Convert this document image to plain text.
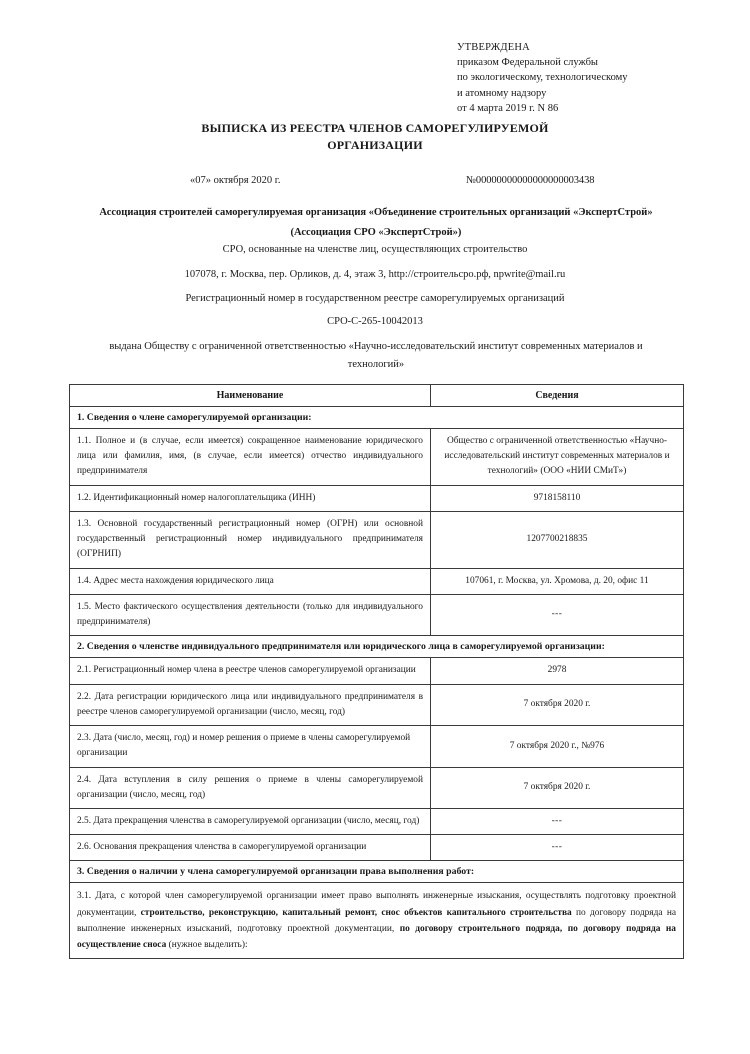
УТВЕРЖДЕНА
приказом Федеральной службы
по экологическому, технологическому
и атомному надзору
от 4 марта 2019 г. N 86
ВЫПИСКА ИЗ РЕЕСТРА ЧЛЕНОВ САМОРЕГУЛИРУЕМОЙ
ОРГАНИЗАЦИИ
«07» октября 2020 г.	№00000000000000000003438
Ассоциация строителей саморегулируемая организация «Объединение строительных организаций «ЭкспертСтрой»
(Ассоциация СРО «ЭкспертСтрой»)
СРО, основанные на членстве лиц, осуществляющих строительство
107078, г. Москва, пер. Орликов, д. 4, этаж 3, http://строительсро.рф, npwrite@mail.ru
Регистрационный номер в государственном реестре саморегулируемых организаций
СРО-С-265-10042013
выдана Обществу с ограниченной ответственностью «Научно-исследовательский институт современных материалов и технологий»
Наименование	Сведения
1. Сведения о члене саморегулируемой организации:	
1.1. Полное и (в случае, если имеется) сокращенное наименование юридического лица или фамилия, имя, (в случае, если имеется) отчество индивидуального предпринимателя	Общество с ограниченной ответственностью «Научно-исследовательский институт современных материалов и технологий» (ООО «НИИ СМиТ»)
1.2. Идентификационный номер налогоплательщика (ИНН)	9718158110
1.3. Основной государственный регистрационный номер (ОГРН) или основной государственный регистрационный номер индивидуального предпринимателя (ОГРНИП)	1207700218835
1.4. Адрес места нахождения юридического лица	107061, г. Москва, ул. Хромова, д. 20, офис 11
1.5. Место фактического осуществления деятельности (только для индивидуального предпринимателя)	---
2. Сведения о членстве индивидуального предпринимателя или юридического лица в саморегулируемой организации:	
2.1. Регистрационный номер члена в реестре членов саморегулируемой организации	2978
2.2. Дата регистрации юридического лица или индивидуального предпринимателя в реестре членов саморегулируемой организации (число, месяц, год)	7 октября 2020 г.
2.3. Дата (число, месяц, год) и номер решения о приеме в члены саморегулируемой организации	7 октября 2020 г., №976
2.4. Дата вступления в силу решения о приеме в члены саморегулируемой организации (число, месяц, год)	7 октября 2020 г.
2.5. Дата прекращения членства в саморегулируемой организации (число, месяц, год)	---
2.6. Основания прекращения членства в саморегулируемой организации	---
3. Сведения о наличии у члена саморегулируемой организации права выполнения работ:	
3.1. Дата, с которой член саморегулируемой организации имеет право выполнять инженерные изыскания, осуществлять подготовку проектной документации, строительство, реконструкцию, капитальный ремонт, снос объектов капитального строительства по договору подряда на выполнение инженерных изысканий, подготовку проектной документации, по договору строительного подряда, по договору подряда на осуществление сноса (нужное выделить):	
